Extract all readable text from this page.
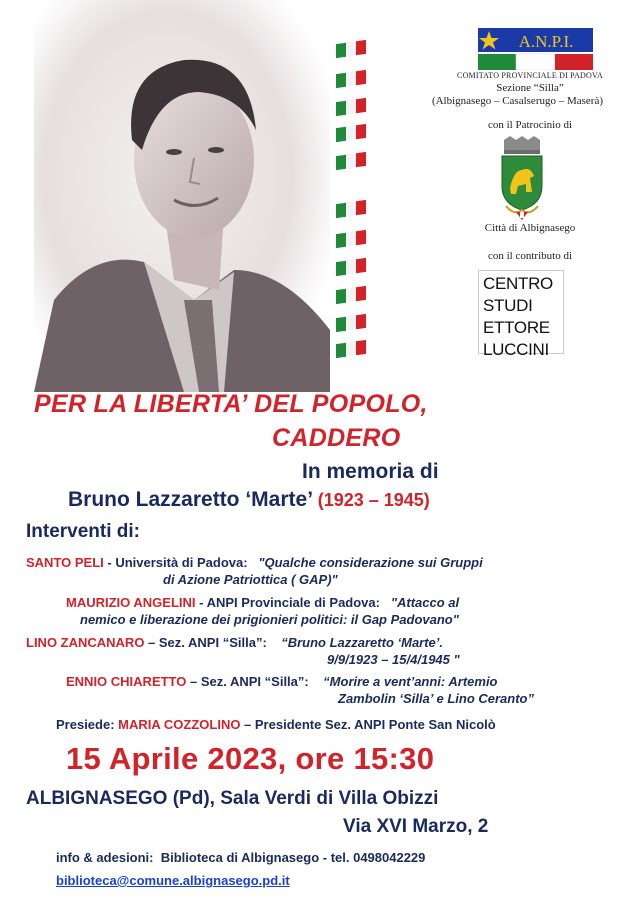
A.N.P.I.
COMITATO PROVINCIALE DI PADOVA
Sezione “Silla”
(Albignasego – Casalserugo – Maserà)
con il Patrocinio di
Città di Albignasego
con il contributo di
CENTRO
STUDI
ETTORE
LUCCINI
PER LA LIBERTA’ DEL POPOLO,
CADDERO
In memoria di
Bruno Lazzaretto ‘Marte’ (1923 – 1945)
Interventi di:
SANTO PELI - Università di Padova:   "Qualche considerazione sui Gruppi
di Azione Patriottica ( GAP)"
MAURIZIO ANGELINI - ANPI Provinciale di Padova:   "Attacco al
nemico e liberazione dei prigionieri politici: il Gap Padovano"
LINO ZANCANARO – Sez. ANPI “Silla”:    “Bruno Lazzaretto ‘Marte’.
9/9/1923 – 15/4/1945 "
ENNIO CHIARETTO – Sez. ANPI “Silla”:    “Morire a vent’anni: Artemio
Zambolin ‘Silla’ e Lino Ceranto”
Presiede: MARIA COZZOLINO – Presidente Sez. ANPI Ponte San Nicolò
15 Aprile 2023, ore 15:30
ALBIGNASEGO (Pd), Sala Verdi di Villa Obizzi
Via XVI Marzo, 2
info & adesioni:  Biblioteca di Albignasego - tel. 0498042229
biblioteca@comune.albignasego.pd.it
